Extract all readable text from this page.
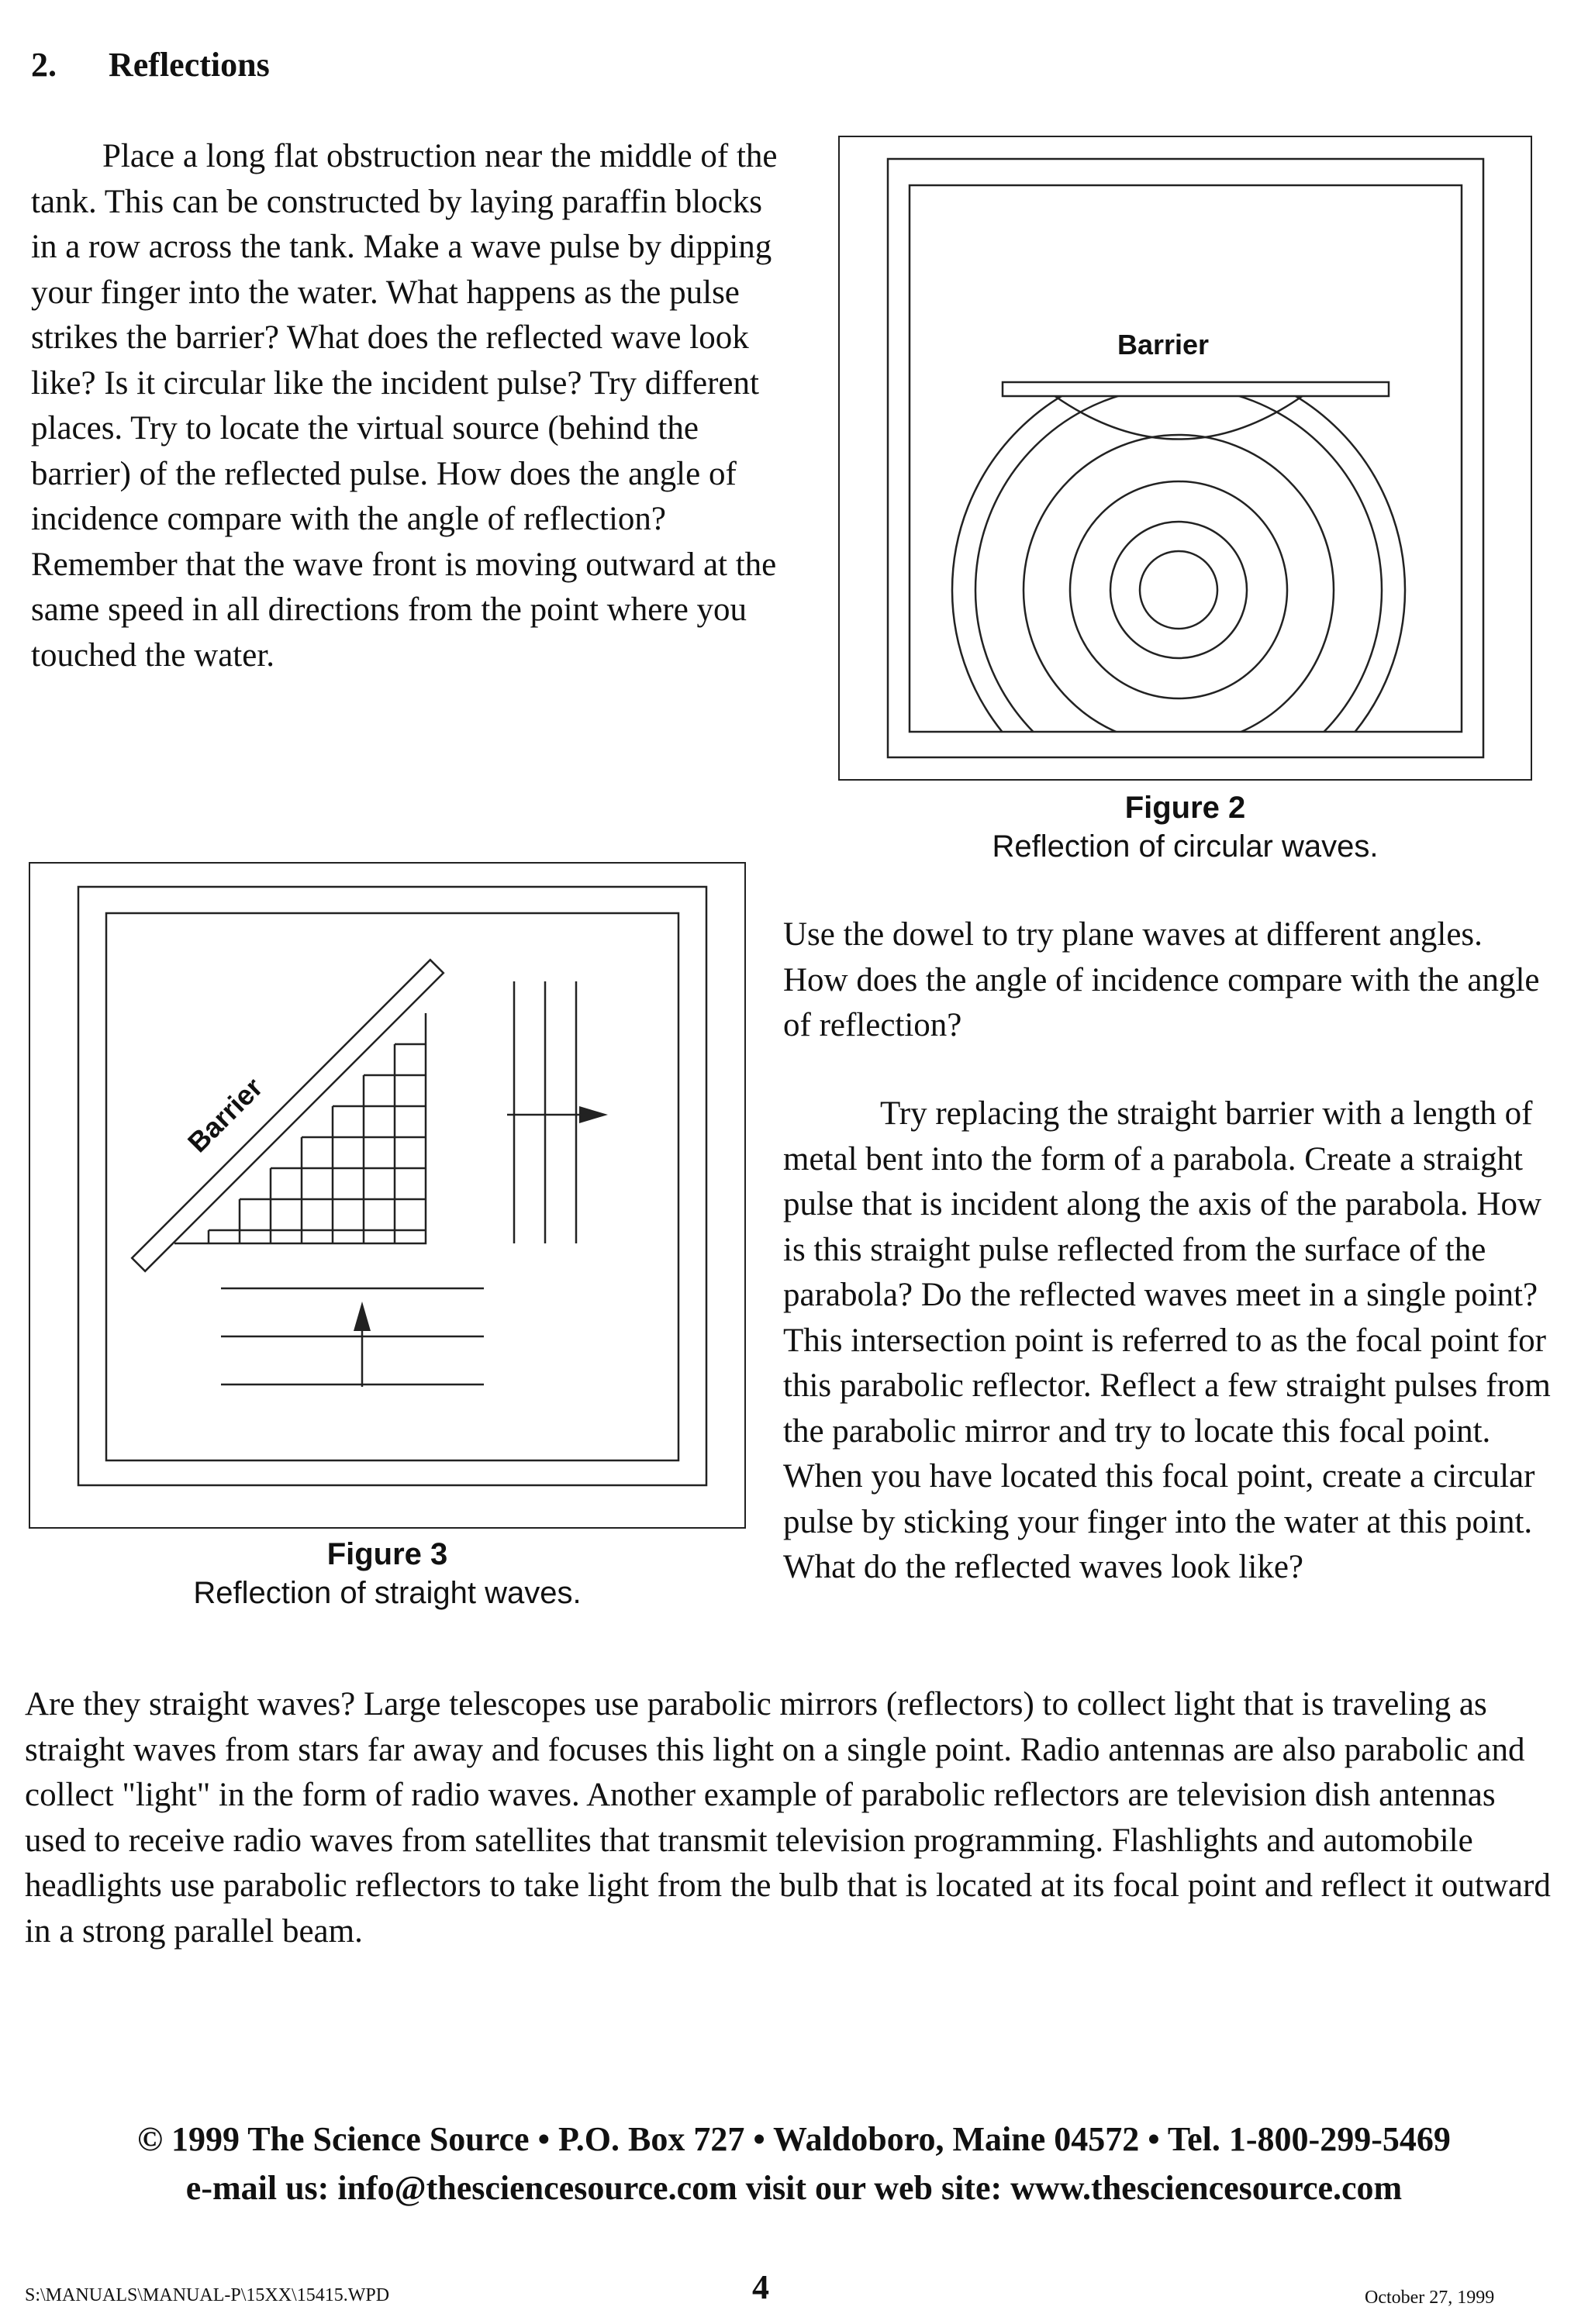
2. Reflections

Place a long flat obstruction near the middle of the tank. This can be constructed by laying paraffin blocks in a row across the tank. Make a wave pulse by dipping your finger into the water. What happens as the pulse strikes the barrier? What does the reflected wave look like? Is it circular like the incident pulse? Try different places. Try to locate the virtual source (behind the barrier) of the reflected pulse. How does the angle of incidence compare with the angle of reflection? Remember that the wave front is moving outward at the same speed in all directions from the point where you touched the water.

Barrier
Figure 2
Reflection of circular waves.
Barrier
Figure 3
Reflection of straight waves.

Use the dowel to try plane waves at different angles. How does the angle of incidence compare with the angle of reflection?

Try replacing the straight barrier with a length of metal bent into the form of a parabola. Create a straight pulse that is incident along the axis of the parabola. How is this straight pulse reflected from the surface of the parabola? Do the reflected waves meet in a single point? This intersection point is referred to as the focal point for this parabolic reflector. Reflect a few straight pulses from the parabolic mirror and try to locate this focal point. When you have located this focal point, create a circular pulse by sticking your finger into the water at this point. What do the reflected waves look like?

Are they straight waves? Large telescopes use parabolic mirrors (reflectors) to collect light that is traveling as straight waves from stars far away and focuses this light on a single point. Radio antennas are also parabolic and collect "light" in the form of radio waves. Another example of parabolic reflectors are television dish antennas used to receive radio waves from satellites that transmit television programming. Flashlights and automobile headlights use parabolic reflectors to take light from the bulb that is located at its focal point and reflect it outward in a strong parallel beam.

© 1999 The Science Source • P.O. Box 727 • Waldoboro, Maine 04572 • Tel. 1-800-299-5469
e-mail us: info@thesciencesource.com visit our web site: www.thesciencesource.com
S:\MANUALS\MANUAL-P\15XX\15415.WPD	4	October 27, 1999
